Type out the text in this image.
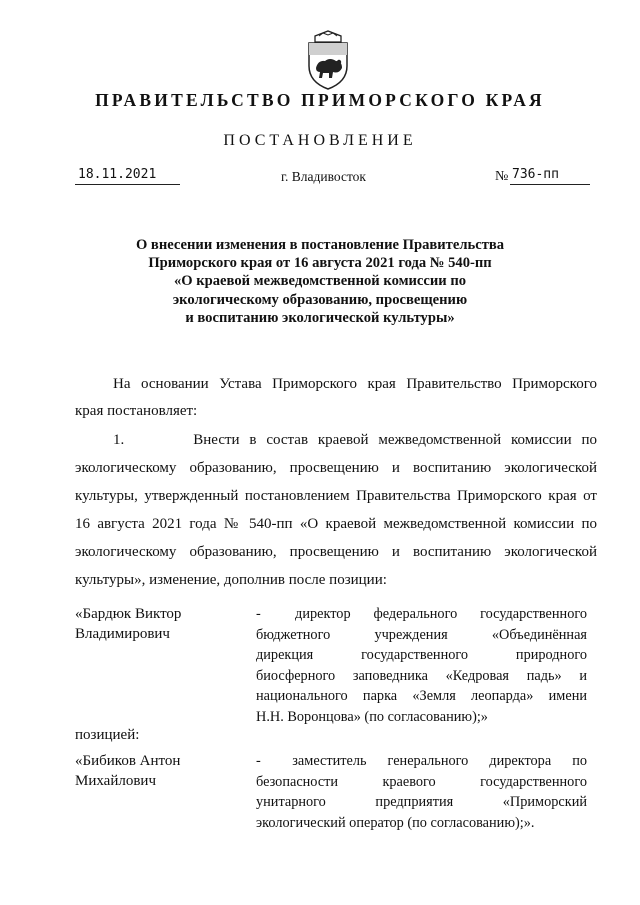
ПРАВИТЕЛЬСТВО ПРИМОРСКОГО КРАЯ
ПОСТАНОВЛЕНИЕ
18.11.2021	г. Владивосток	№ 736-пп
О внесении изменения в постановление Правительства
Приморского края от 16 августа 2021 года № 540-пп
«О краевой межведомственной комиссии по
экологическому образованию, просвещению
и воспитанию экологической культуры»
На основании Устава Приморского края Правительство Приморского
края постановляет:
1.       Внести в состав краевой межведомственной комиссии по
экологическому образованию, просвещению и воспитанию экологической
культуры, утвержденный постановлением Правительства Приморского края от
16 августа 2021 года № 540-пп «О краевой межведомственной комиссии по
экологическому образованию, просвещению и воспитанию экологической
культуры», изменение, дополнив после позиции:
«Бардюк Виктор
Владимирович
-   директор  федерального  государственного
бюджетного учреждения «Объединённая
дирекция государственного природного
биосферного заповедника «Кедровая падь» и
национального парка «Земля леопарда» имени
Н.Н. Воронцова» (по согласованию);»
позицией:
«Бибиков Антон
Михайлович
-   заместитель  генерального  директора  по
безопасности краевого государственного
унитарного предприятия «Приморский
экологический оператор (по согласованию);».
